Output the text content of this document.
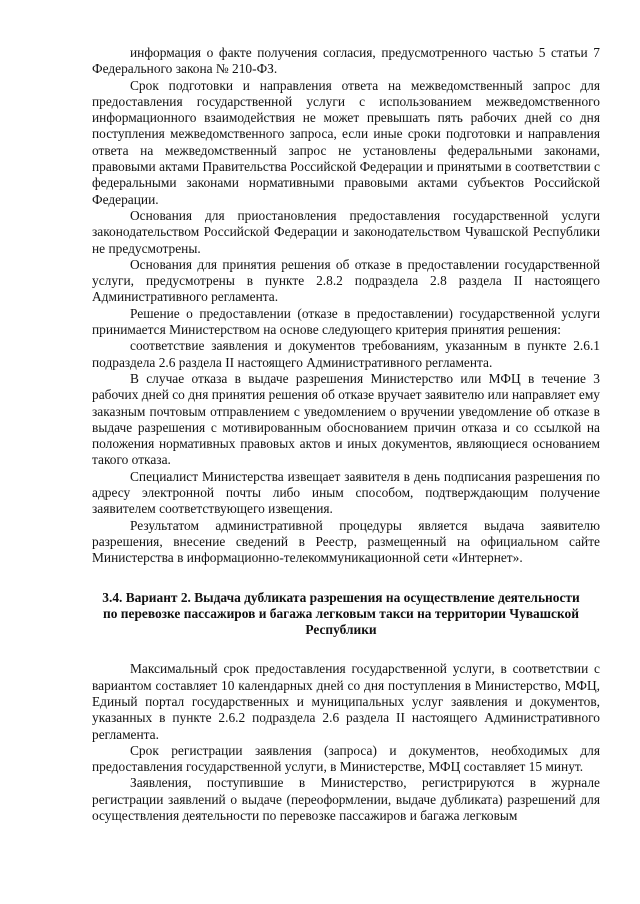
информация о факте получения согласия, предусмотренного частью 5 статьи 7 Федерального закона № 210-ФЗ.

Срок подготовки и направления ответа на межведомственный запрос для предоставления государственной услуги с использованием межведомственного информационного взаимодействия не может превышать пять рабочих дней со дня поступления межведомственного запроса, если иные сроки подготовки и направления ответа на межведомственный запрос не установлены федеральными законами, правовыми актами Правительства Российской Федерации и принятыми в соответствии с федеральными законами нормативными правовыми актами субъектов Российской Федерации.

Основания для приостановления предоставления государственной услуги законодательством Российской Федерации и законодательством Чувашской Республики не предусмотрены.

Основания для принятия решения об отказе в предоставлении государственной услуги, предусмотрены в пункте 2.8.2 подраздела 2.8 раздела II настоящего Административного регламента.

Решение о предоставлении (отказе в предоставлении) государственной услуги принимается Министерством на основе следующего критерия принятия решения:

соответствие заявления и документов требованиям, указанным в пункте 2.6.1 подраздела 2.6 раздела II настоящего Административного регламента.

В случае отказа в выдаче разрешения Министерство или МФЦ в течение 3 рабочих дней со дня принятия решения об отказе вручает заявителю или направляет ему заказным почтовым отправлением с уведомлением о вручении уведомление об отказе в выдаче разрешения с мотивированным обоснованием причин отказа и со ссылкой на положения нормативных правовых актов и иных документов, являющиеся основанием такого отказа.

Специалист Министерства извещает заявителя в день подписания разрешения по адресу электронной почты либо иным способом, подтверждающим получение заявителем соответствующего извещения.

Результатом административной процедуры является выдача заявителю разрешения, внесение сведений в Реестр, размещенный на официальном сайте Министерства в информационно-телекоммуникационной сети «Интернет».

3.4. Вариант 2. Выдача дубликата разрешения на осуществление деятельности по перевозке пассажиров и багажа легковым такси на территории Чувашской Республики

Максимальный срок предоставления государственной услуги, в соответствии с вариантом составляет 10 календарных дней со дня поступления в Министерство, МФЦ, Единый портал государственных и муниципальных услуг заявления и документов, указанных в пункте 2.6.2 подраздела 2.6 раздела II настоящего Административного регламента.

Срок регистрации заявления (запроса) и документов, необходимых для предоставления государственной услуги, в Министерстве, МФЦ составляет 15 минут.

Заявления, поступившие в Министерство, регистрируются в журнале регистрации заявлений о выдаче (переоформлении, выдаче дубликата) разрешений для осуществления деятельности по перевозке пассажиров и багажа легковым
